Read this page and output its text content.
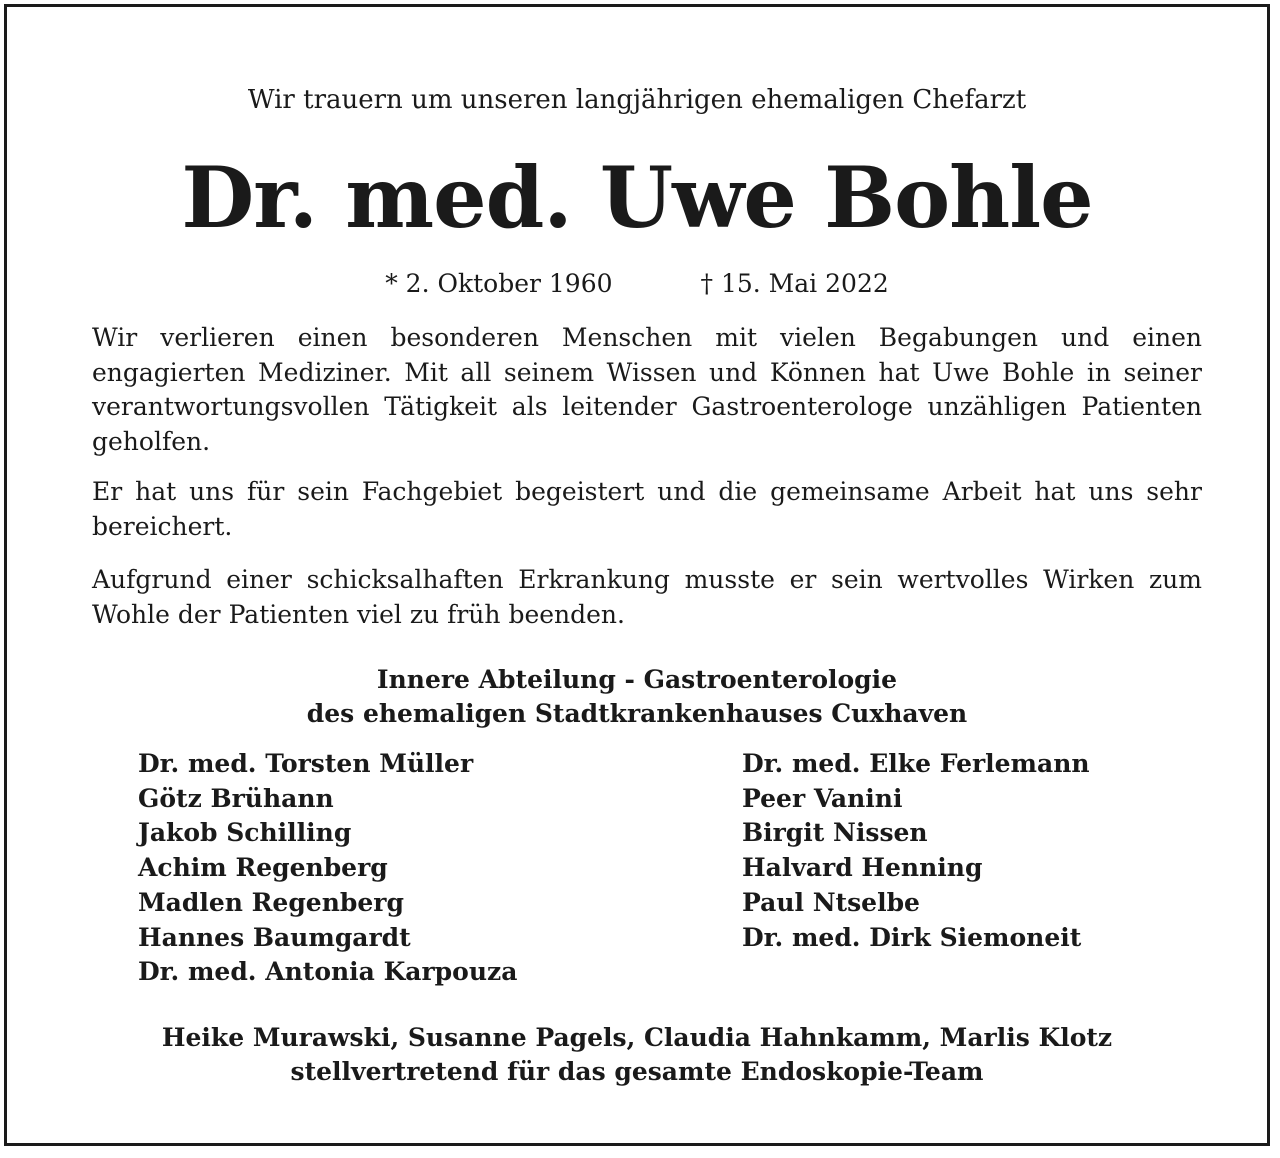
Wir trauern um unseren langjährigen ehemaligen Chefarzt
Dr. med. Uwe Bohle
* 2. Oktober 1960	† 15. Mai 2022

Wir verlieren einen besonderen Menschen mit vielen Begabungen und einen engagierten Mediziner. Mit all seinem Wissen und Können hat Uwe Bohle in seiner verantwortungsvollen Tätigkeit als leitender Gastroenterologe unzähligen Patienten geholfen.

Er hat uns für sein Fachgebiet begeistert und die gemeinsame Arbeit hat uns sehr bereichert.

Aufgrund einer schicksalhaften Erkrankung musste er sein wertvolles Wirken zum Wohle der Patienten viel zu früh beenden.

Innere Abteilung - Gastroenterologie
des ehemaligen Stadtkrankenhauses Cuxhaven
Dr. med. Torsten Müller
Götz Brühann
Jakob Schilling
Achim Regenberg
Madlen Regenberg
Hannes Baumgardt
Dr. med. Antonia Karpouza
Dr. med. Elke Ferlemann
Peer Vanini
Birgit Nissen
Halvard Henning
Paul Ntselbe
Dr. med. Dirk Siemoneit
Heike Murawski, Susanne Pagels, Claudia Hahnkamm, Marlis Klotz
stellvertretend für das gesamte Endoskopie-Team
